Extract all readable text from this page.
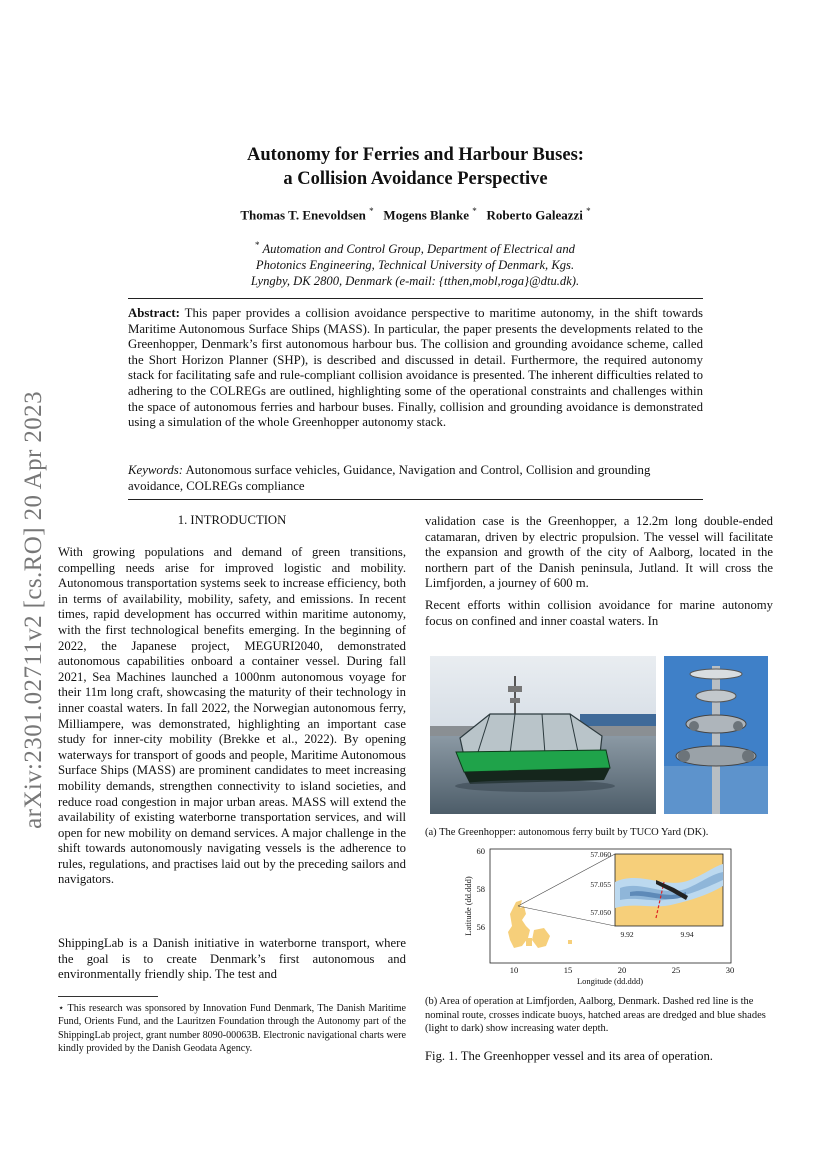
arXiv:2301.02711v2 [cs.RO] 20 Apr 2023
Autonomy for Ferries and Harbour Buses:
a Collision Avoidance Perspective
Thomas T. Enevoldsen * Mogens Blanke * Roberto Galeazzi *
* Automation and Control Group, Department of Electrical and
Photonics Engineering, Technical University of Denmark, Kgs.
Lyngby, DK 2800, Denmark (e-mail: {tthen,mobl,roga}@dtu.dk).
Abstract: This paper provides a collision avoidance perspective to maritime autonomy, in the shift towards Maritime Autonomous Surface Ships (MASS). In particular, the paper presents the developments related to the Greenhopper, Denmark’s first autonomous harbour bus. The collision and grounding avoidance scheme, called the Short Horizon Planner (SHP), is described and discussed in detail. Furthermore, the required autonomy stack for facilitating safe and rule-compliant collision avoidance is presented. The inherent difficulties related to adhering to the COLREGs are outlined, highlighting some of the operational constraints and challenges within the space of autonomous ferries and harbour buses. Finally, collision and grounding avoidance is demonstrated using a simulation of the whole Greenhopper autonomy stack.
Keywords: Autonomous surface vehicles, Guidance, Navigation and Control, Collision and grounding avoidance, COLREGs compliance
1. INTRODUCTION

With growing populations and demand of green transitions, compelling needs arise for improved logistic and mobility. Autonomous transportation systems seek to increase efficiency, both in terms of availability, mobility, safety, and emissions. In recent times, rapid development has occurred within maritime autonomy, with the first technological benefits emerging. In the beginning of 2022, the Japanese project, MEGURI2040, demonstrated autonomous capabilities onboard a container vessel. During fall 2021, Sea Machines launched a 1000nm autonomous voyage for their 11m long craft, showcasing the maturity of their technology in inner coastal waters. In fall 2022, the Norwegian autonomous ferry, Milliampere, was demonstrated, highlighting an important case study for inner-city mobility (Brekke et al., 2022). By opening waterways for transport of goods and people, Maritime Autonomous Surface Ships (MASS) are prominent candidates to meet increasing mobility demands, strengthen connectivity to island societies, and reduce road congestion in major urban areas. MASS will extend the availability of existing waterborne transportation services, and will open for new mobility on demand services. A major challenge in the shift towards autonomously navigating vessels is the adherence to rules, regulations, and practises laid out by the preceding sailors and navigators.

ShippingLab is a Danish initiative in waterborne transport, where the goal is to create Denmark’s first autonomous and environmentally friendly ship. The test and

⋆ This research was sponsored by Innovation Fund Denmark, The Danish Maritime Fund, Orients Fund, and the Lauritzen Foundation through the Autonomy part of the ShippingLab project, grant number 8090-00063B. Electronic navigational charts were kindly provided by the Danish Geodata Agency.

validation case is the Greenhopper, a 12.2m long double-ended catamaran, driven by electric propulsion. The vessel will facilitate the expansion and growth of the city of Aalborg, located in the northern part of the Danish peninsula, Jutland. It will cross the Limfjorden, a journey of 600 m.

Recent efforts within collision avoidance for marine autonomy focus on confined and inner coastal waters. In

(a) The Greenhopper: autonomous ferry built by TUCO Yard (DK).
60
58
56
10	15	20	25	30
Longitude (dd.ddd)
Latitude (dd.ddd)
57.060
57.055
57.050
9.92	9.94
(b) Area of operation at Limfjorden, Aalborg, Denmark. Dashed red line is the nominal route, crosses indicate buoys, hatched areas are dredged and blue shades (light to dark) show increasing water depth.
Fig. 1. The Greenhopper vessel and its area of operation.
